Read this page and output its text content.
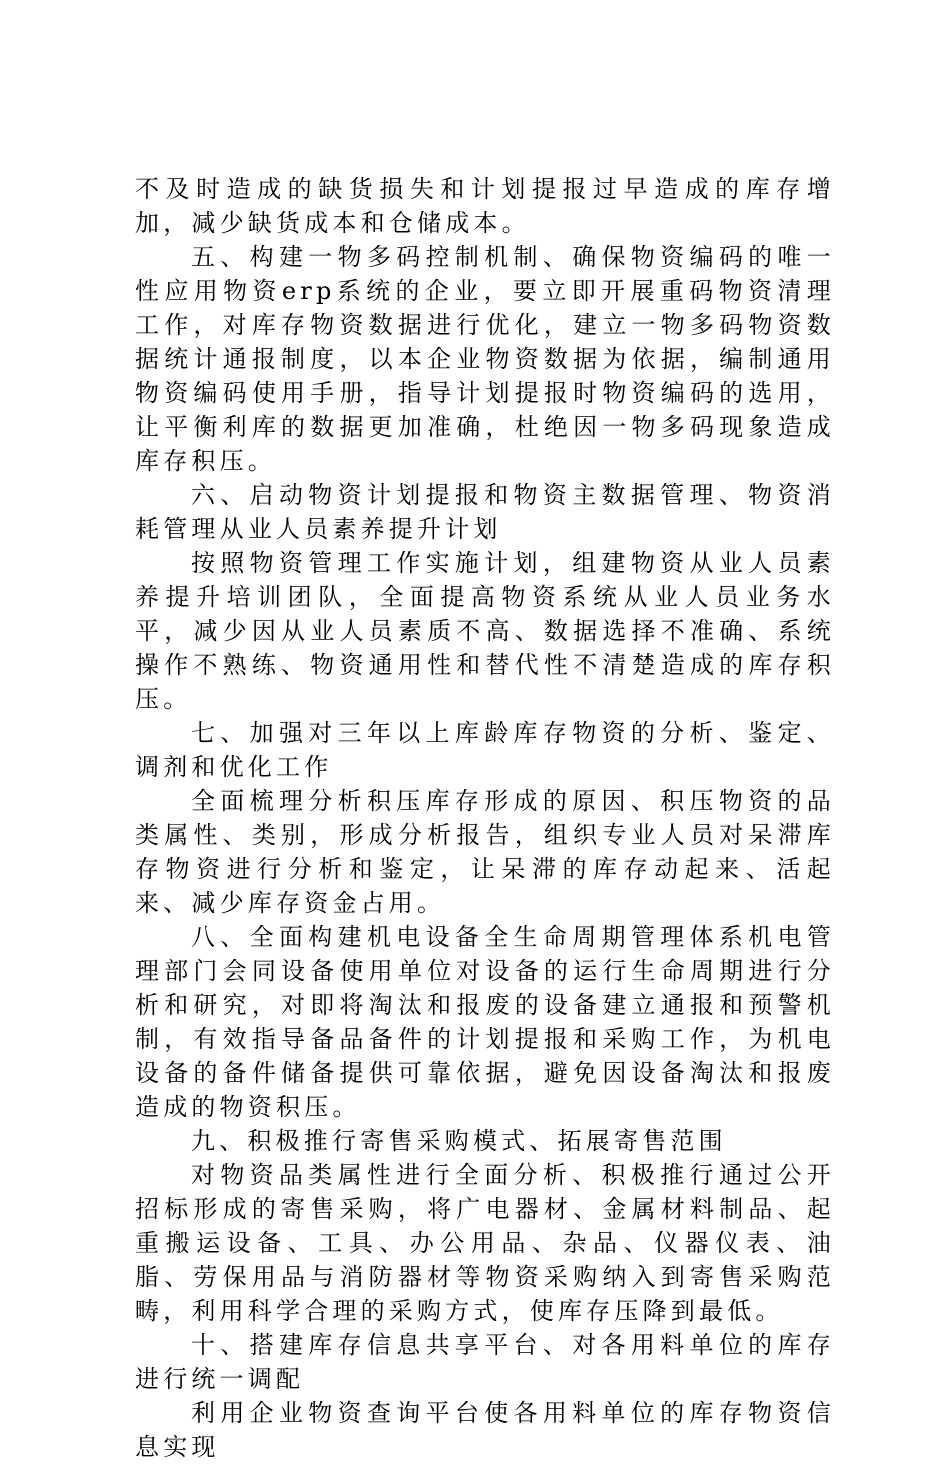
不及时造成的缺货损失和计划提报过早造成的库存增加，减少缺货成本和仓储成本。

五、构建一物多码控制机制、确保物资编码的唯一性应用物资erp系统的企业，要立即开展重码物资清理工作，对库存物资数据进行优化，建立一物多码物资数据统计通报制度，以本企业物资数据为依据，编制通用物资编码使用手册，指导计划提报时物资编码的选用，让平衡利库的数据更加准确，杜绝因一物多码现象造成库存积压。

六、启动物资计划提报和物资主数据管理、物资消耗管理从业人员素养提升计划

按照物资管理工作实施计划，组建物资从业人员素养提升培训团队，全面提高物资系统从业人员业务水平，减少因从业人员素质不高、数据选择不准确、系统操作不熟练、物资通用性和替代性不清楚造成的库存积压。

七、加强对三年以上库龄库存物资的分析、鉴定、调剂和优化工作

全面梳理分析积压库存形成的原因、积压物资的品类属性、类别，形成分析报告，组织专业人员对呆滞库存物资进行分析和鉴定，让呆滞的库存动起来、活起来、减少库存资金占用。

八、全面构建机电设备全生命周期管理体系机电管理部门会同设备使用单位对设备的运行生命周期进行分析和研究，对即将淘汰和报废的设备建立通报和预警机制，有效指导备品备件的计划提报和采购工作，为机电设备的备件储备提供可靠依据，避免因设备淘汰和报废造成的物资积压。

九、积极推行寄售采购模式、拓展寄售范围

对物资品类属性进行全面分析、积极推行通过公开招标形成的寄售采购，将广电器材、金属材料制品、起重搬运设备、工具、办公用品、杂品、仪器仪表、油脂、劳保用品与消防器材等物资采购纳入到寄售采购范畴，利用科学合理的采购方式，使库存压降到最低。

十、搭建库存信息共享平台、对各用料单位的库存进行统一调配

利用企业物资查询平台使各用料单位的库存物资信息实现
